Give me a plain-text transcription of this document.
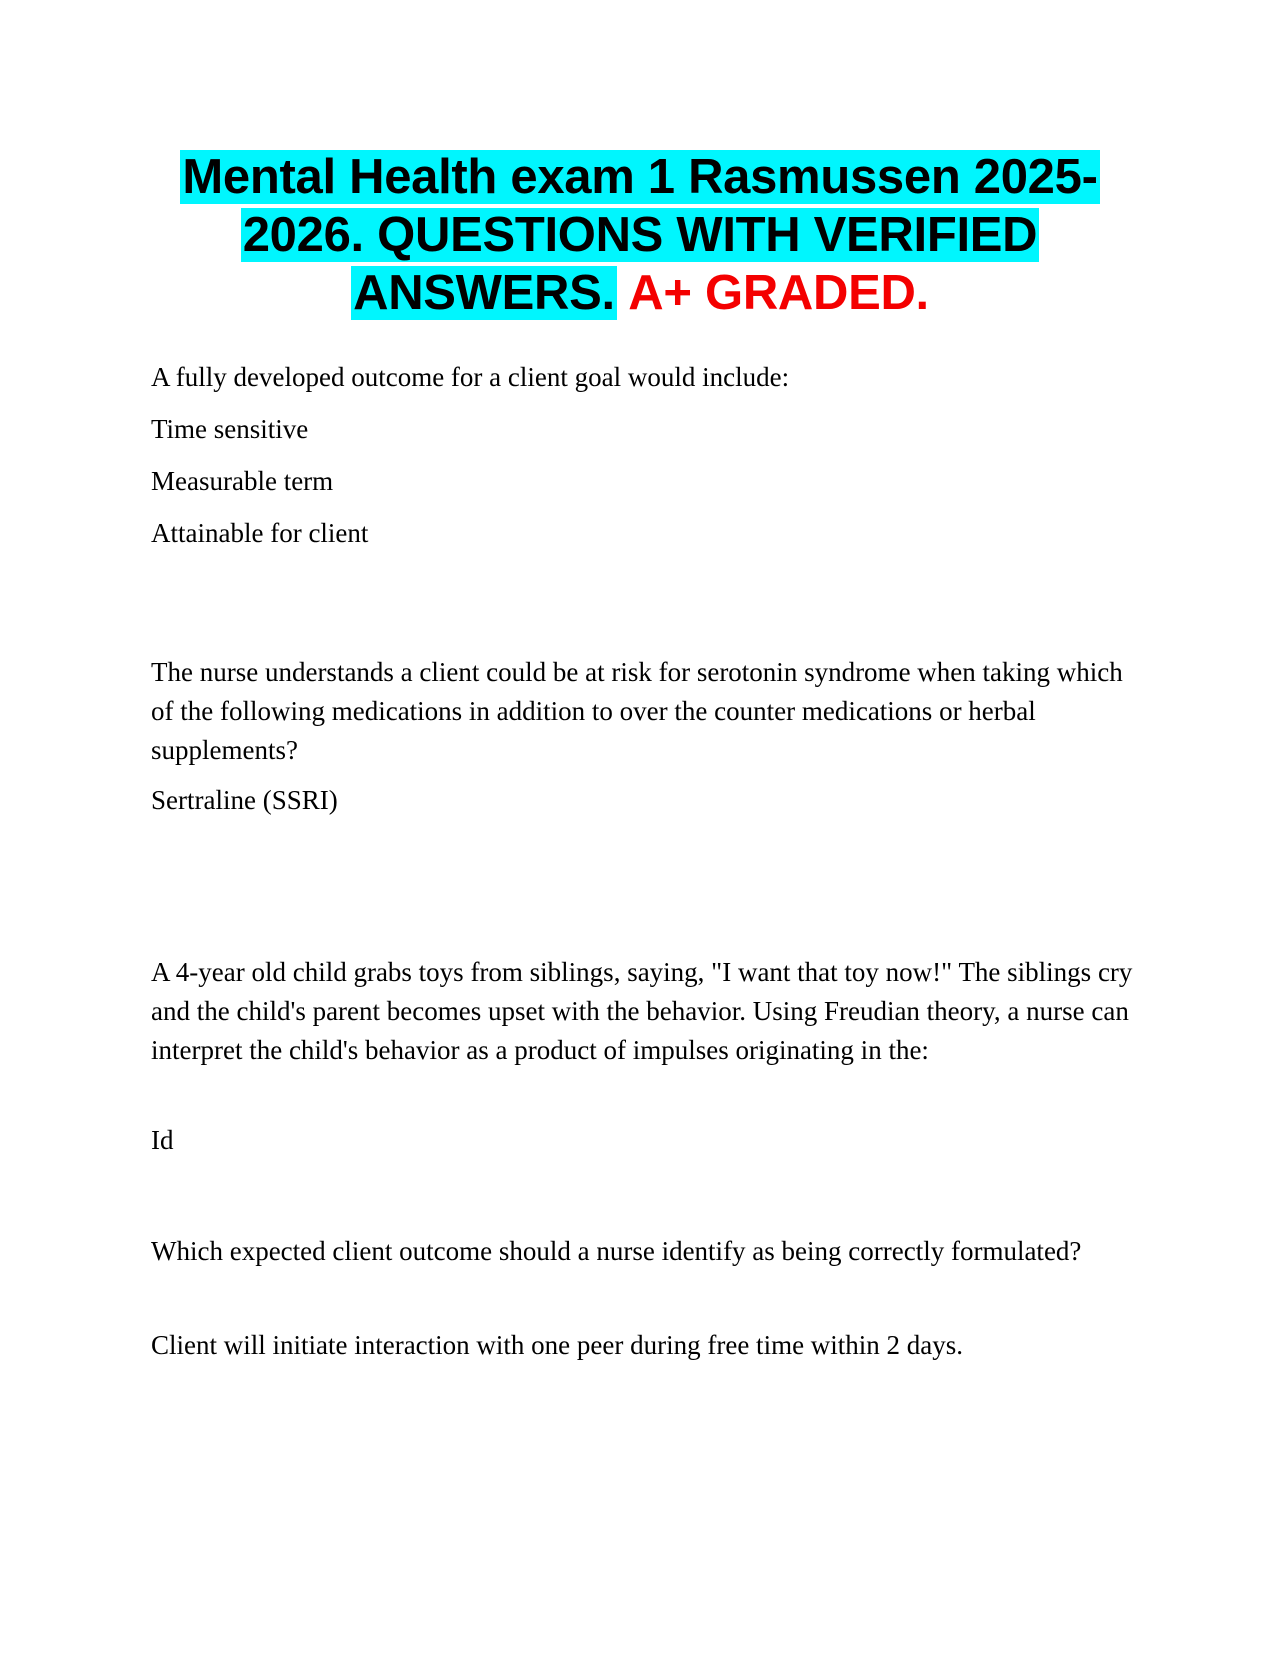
Mental Health exam 1 Rasmussen 2025-
2026. QUESTIONS WITH VERIFIED
ANSWERS. A+ GRADED.

A fully developed outcome for a client goal would include:

Time sensitive

Measurable term

Attainable for client

The nurse understands a client could be at risk for serotonin syndrome when taking which of the following medications in addition to over the counter medications or herbal supplements?

Sertraline (SSRI)

A 4-year old child grabs toys from siblings, saying, "I want that toy now!" The siblings cry and the child's parent becomes upset with the behavior. Using Freudian theory, a nurse can interpret the child's behavior as a product of impulses originating in the:

Id

Which expected client outcome should a nurse identify as being correctly formulated?

Client will initiate interaction with one peer during free time within 2 days.
